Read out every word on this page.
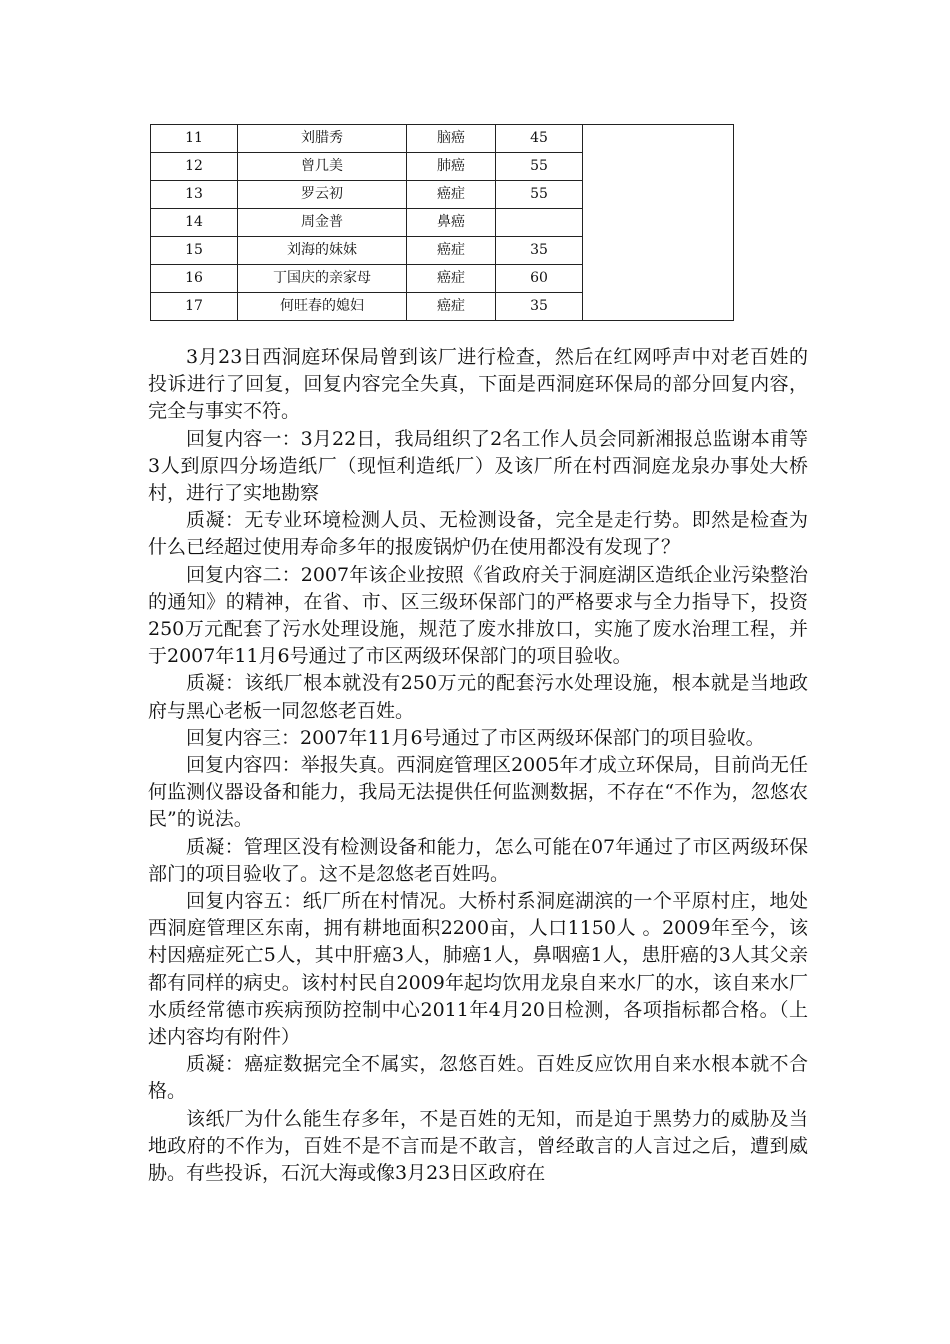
11	刘腊秀	脑癌	45	
12	曾几美	肺癌	55	
13	罗云初	癌症	55	
14	周金普	鼻癌		
15	刘海的妹妹	癌症	35	
16	丁国庆的亲家母	癌症	60	
17	何旺春的媳妇	癌症	35	

3月23日西洞庭环保局曾到该厂进行检查，然后在红网呼声中对老百姓的投诉进行了回复，回复内容完全失真，下面是西洞庭环保局的部分回复内容，完全与事实不符。

回复内容一：3月22日，我局组织了2名工作人员会同新湘报总监谢本甫等3人到原四分场造纸厂（现恒利造纸厂）及该厂所在村西洞庭龙泉办事处大桥村，进行了实地勘察

质凝：无专业环境检测人员、无检测设备，完全是走行势。即然是检查为什么已经超过使用寿命多年的报废锅炉仍在使用都没有发现了？

回复内容二：2007年该企业按照《省政府关于洞庭湖区造纸企业污染整治的通知》的精神，在省、市、区三级环保部门的严格要求与全力指导下，投资250万元配套了污水处理设施，规范了废水排放口，实施了废水治理工程，并于2007年11月6号通过了市区两级环保部门的项目验收。

质凝：该纸厂根本就没有250万元的配套污水处理设施，根本就是当地政府与黑心老板一同忽悠老百姓。

回复内容三：2007年11月6号通过了市区两级环保部门的项目验收。

回复内容四：举报失真。西洞庭管理区2005年才成立环保局，目前尚无任何监测仪器设备和能力，我局无法提供任何监测数据，不存在“不作为，忽悠农民”的说法。

质凝：管理区没有检测设备和能力，怎么可能在07年通过了市区两级环保部门的项目验收了。这不是忽悠老百姓吗。

回复内容五：纸厂所在村情况。大桥村系洞庭湖滨的一个平原村庄，地处西洞庭管理区东南，拥有耕地面积2200亩，人口1150人 。2009年至今，该村因癌症死亡5人，其中肝癌3人，肺癌1人，鼻咽癌1人，患肝癌的3人其父亲都有同样的病史。该村村民自2009年起均饮用龙泉自来水厂的水，该自来水厂水质经常德市疾病预防控制中心2011年4月20日检测，各项指标都合格。（上述内容均有附件）

质凝：癌症数据完全不属实，忽悠百姓。百姓反应饮用自来水根本就不合格。

该纸厂为什么能生存多年，不是百姓的无知，而是迫于黑势力的威胁及当地政府的不作为，百姓不是不言而是不敢言，曾经敢言的人言过之后，遭到威胁。有些投诉，石沉大海或像3月23日区政府在
